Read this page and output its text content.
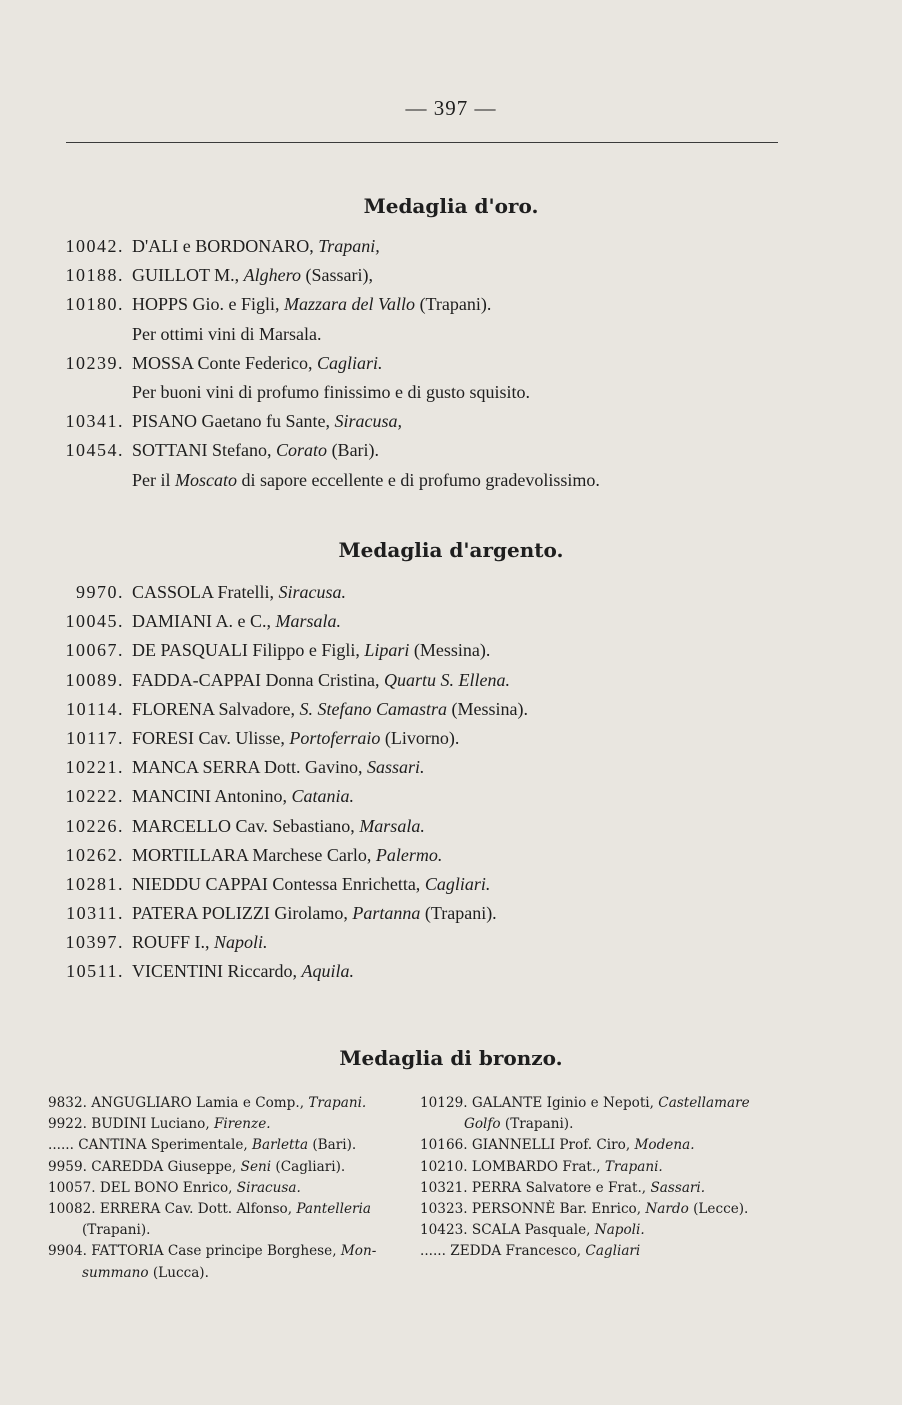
— 397 —
Medaglia d'oro.
10042. D'ALI e BORDONARO, Trapani,
10188. GUILLOT M., Alghero (Sassari),
10180. HOPPS Gio. e Figli, Mazzara del Vallo (Trapani).
Per ottimi vini di Marsala.
10239. MOSSA Conte Federico, Cagliari.
Per buoni vini di profumo finissimo e di gusto squisito.
10341. PISANO Gaetano fu Sante, Siracusa,
10454. SOTTANI Stefano, Corato (Bari).
Per il Moscato di sapore eccellente e di profumo gradevolissimo.
Medaglia d'argento.
9970. CASSOLA Fratelli, Siracusa.
10045. DAMIANI A. e C., Marsala.
10067. DE PASQUALI Filippo e Figli, Lipari (Messina).
10089. FADDA-CAPPAI Donna Cristina, Quartu S. Ellena.
10114. FLORENA Salvadore, S. Stefano Camastra (Messina).
10117. FORESI Cav. Ulisse, Portoferraio (Livorno).
10221. MANCA SERRA Dott. Gavino, Sassari.
10222. MANCINI Antonino, Catania.
10226. MARCELLO Cav. Sebastiano, Marsala.
10262. MORTILLARA Marchese Carlo, Palermo.
10281. NIEDDU CAPPAI Contessa Enrichetta, Cagliari.
10311. PATERA POLIZZI Girolamo, Partanna (Trapani).
10397. ROUFF I., Napoli.
10511. VICENTINI Riccardo, Aquila.
Medaglia di bronzo.
9832. ANGUGLIARO Lamia e Comp., Trapani.
9922. BUDINI Luciano, Firenze.
...... CANTINA Sperimentale, Barletta (Bari).
9959. CAREDDA Giuseppe, Seni (Cagliari).
10057. DEL BONO Enrico, Siracusa.
10082. ERRERA Cav. Dott. Alfonso, Pantelleria
(Trapani).
9904. FATTORIA Case principe Borghese, Mon-
summano (Lucca).
10129. GALANTE Iginio e Nepoti, Castellamare
Golfo (Trapani).
10166. GIANNELLI Prof. Ciro, Modena.
10210. LOMBARDO Frat., Trapani.
10321. PERRA Salvatore e Frat., Sassari.
10323. PERSONNÈ Bar. Enrico, Nardo (Lecce).
10423. SCALA Pasquale, Napoli.
...... ZEDDA Francesco, Cagliari
